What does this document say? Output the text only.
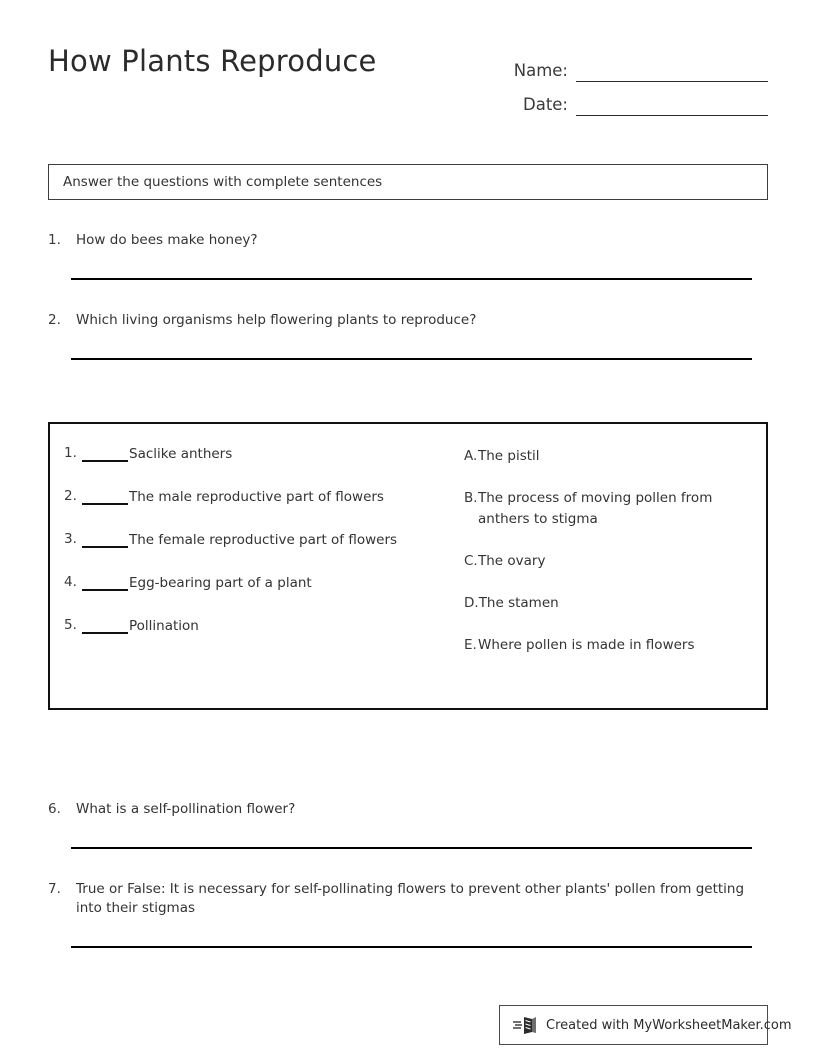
How Plants Reproduce	Name:
Date:
Answer the questions with complete sentences
1.	How do bees make honey?
2.	Which living organisms help flowering plants to reproduce?
1.	Saclike anthers
2.	The male reproductive part of flowers
3.	The female reproductive part of flowers
4.	Egg-bearing part of a plant
5.	Pollination
A. The pistil
B. The process of moving pollen from anthers to stigma
C. The ovary
D. The stamen
E. Where pollen is made in flowers
6.	What is a self-pollination flower?
7.	True or False: It is necessary for self-pollinating flowers to prevent other plants' pollen from getting into their stigmas
Created with MyWorksheetMaker.com
